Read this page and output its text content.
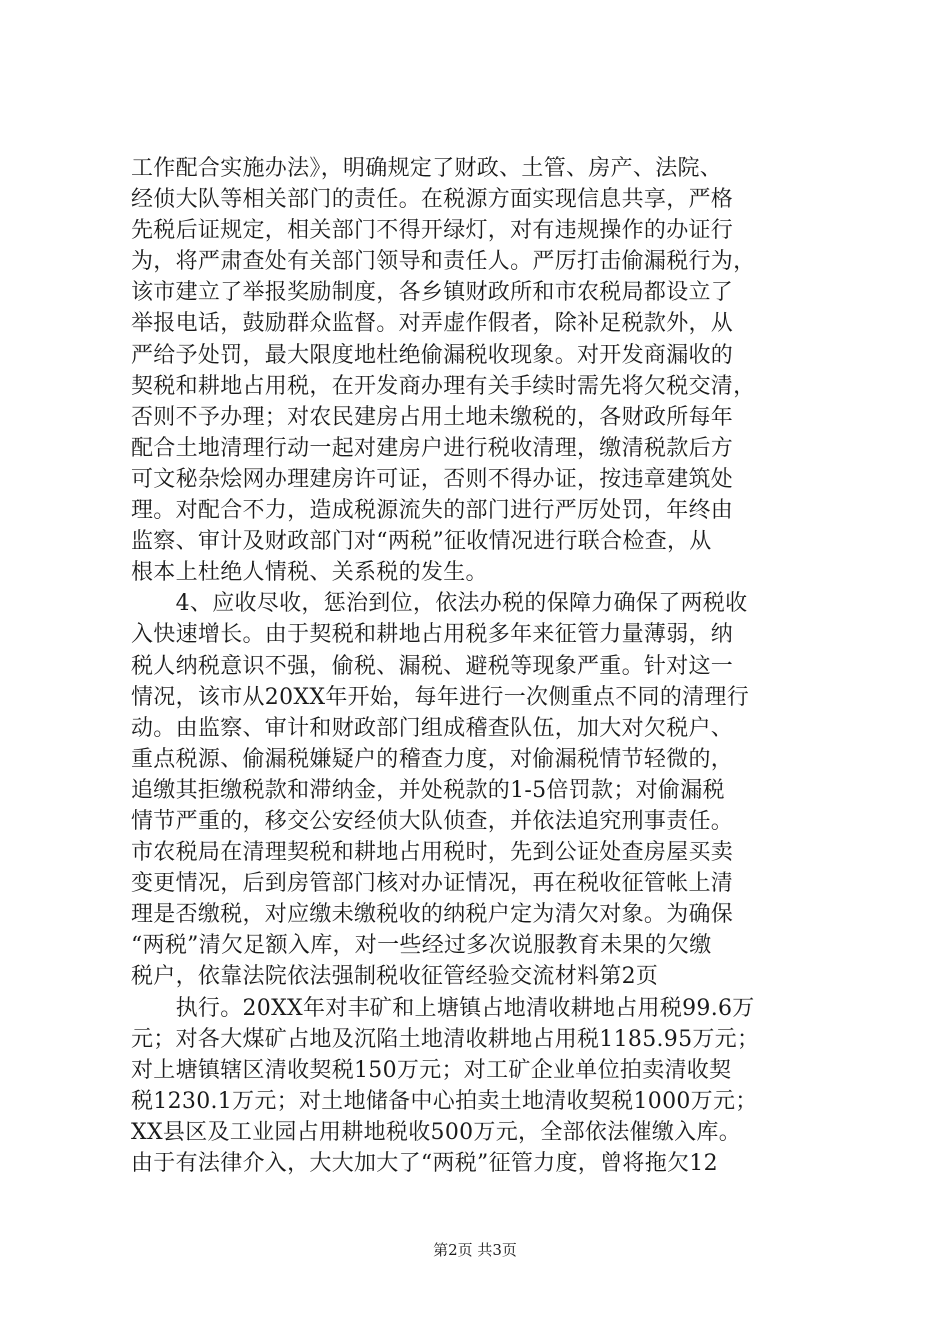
工作配合实施办法》，明确规定了财政、土管、房产、法院、
经侦大队等相关部门的责任。在税源方面实现信息共享，严格
先税后证规定，相关部门不得开绿灯，对有违规操作的办证行
为，将严肃查处有关部门领导和责任人。严厉打击偷漏税行为，
该市建立了举报奖励制度，各乡镇财政所和市农税局都设立了
举报电话，鼓励群众监督。对弄虚作假者，除补足税款外，从
严给予处罚，最大限度地杜绝偷漏税收现象。对开发商漏收的
契税和耕地占用税，在开发商办理有关手续时需先将欠税交清，
否则不予办理；对农民建房占用土地未缴税的，各财政所每年
配合土地清理行动一起对建房户进行税收清理，缴清税款后方
可文秘杂烩网办理建房许可证，否则不得办证，按违章建筑处
理。对配合不力，造成税源流失的部门进行严厉处罚，年终由
监察、审计及财政部门对“两税”征收情况进行联合检查，从
根本上杜绝人情税、关系税的发生。
　　4、应收尽收，惩治到位，依法办税的保障力确保了两税收
入快速增长。由于契税和耕地占用税多年来征管力量薄弱，纳
税人纳税意识不强，偷税、漏税、避税等现象严重。针对这一
情况，该市从20XX年开始，每年进行一次侧重点不同的清理行
动。由监察、审计和财政部门组成稽查队伍，加大对欠税户、
重点税源、偷漏税嫌疑户的稽查力度，对偷漏税情节轻微的，
追缴其拒缴税款和滞纳金，并处税款的1-5倍罚款；对偷漏税
情节严重的，移交公安经侦大队侦查，并依法追究刑事责任。
市农税局在清理契税和耕地占用税时，先到公证处查房屋买卖
变更情况，后到房管部门核对办证情况，再在税收征管帐上清
理是否缴税，对应缴未缴税收的纳税户定为清欠对象。为确保
“两税”清欠足额入库，对一些经过多次说服教育未果的欠缴
税户，依靠法院依法强制税收征管经验交流材料第2页
　　执行。20XX年对丰矿和上塘镇占地清收耕地占用税99.6万
元；对各大煤矿占地及沉陷土地清收耕地占用税1185.95万元；
对上塘镇辖区清收契税150万元；对工矿企业单位拍卖清收契
税1230.1万元；对土地储备中心拍卖土地清收契税1000万元；
XX县区及工业园占用耕地税收500万元，全部依法催缴入库。
由于有法律介入，大大加大了“两税”征管力度，曾将拖欠12
第2页 共3页
